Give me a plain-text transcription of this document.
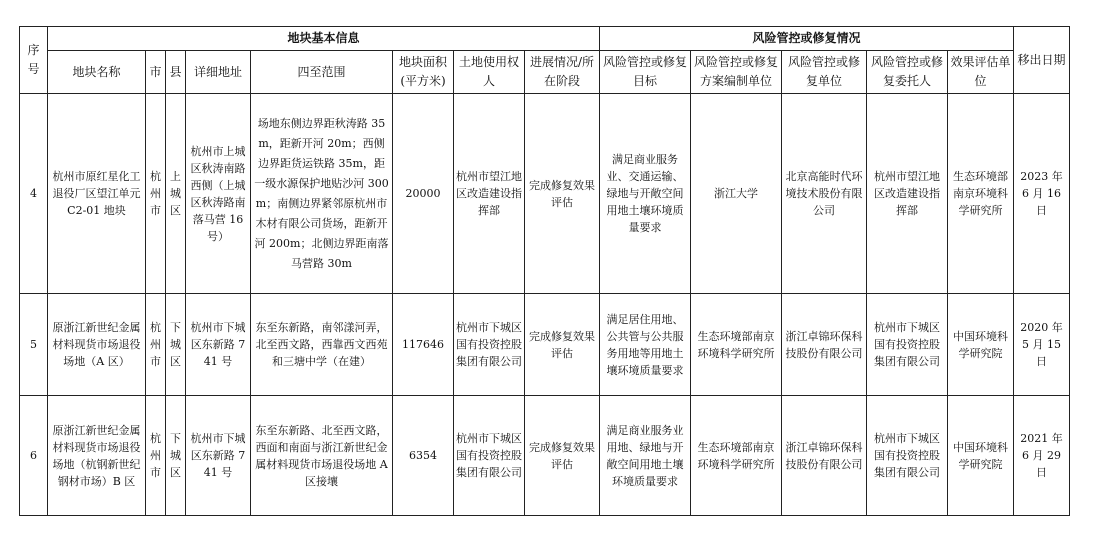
序号	地块基本信息								风险管控或修复情况					移出日期
	地块名称	市	县	详细地址	四至范围	地块面积(平方米)	土地使用权人	进展情况/所在阶段	风险管控或修复目标	风险管控或修复方案编制单位	风险管控或修复单位	风险管控或修复委托人	效果评估单位	
4	杭州市原红星化工退役厂区望江单元 C2-01 地块	杭州市	上城区	杭州市上城区秋涛南路西侧（上城区秋涛路南落马营 16 号）	场地东侧边界距秋涛路 35m，距新开河 20m；西侧边界距货运铁路 35m，距一级水源保护地贴沙河 300m；南侧边界紧邻原杭州市木材有限公司货场，距新开河 200m；北侧边界距南落马营路 30m	20000	杭州市望江地区改造建设指挥部	完成修复效果评估	满足商业服务业、交通运输、绿地与开敞空间用地土壤环境质量要求	浙江大学	北京高能时代环境技术股份有限公司	杭州市望江地区改造建设指挥部	生态环境部南京环境科学研究所	2023 年 6 月 16 日
5	原浙江新世纪金属材料现货市场退役场地（A 区）	杭州市	下城区	杭州市下城区东新路 741 号	东至东新路，南邻漾河弄，北至西文路，西靠西文西苑和三塘中学（在建）	117646	杭州市下城区国有投资控股集团有限公司	完成修复效果评估	满足居住用地、公共管与公共服务用地等用地土壤环境质量要求	生态环境部南京环境科学研究所	浙江卓锦环保科技股份有限公司	杭州市下城区国有投资控股集团有限公司	中国环境科学研究院	2020 年 5 月 15 日
6	原浙江新世纪金属材料现货市场退役场地（杭钢新世纪钢材市场）B 区	杭州市	下城区	杭州市下城区东新路 741 号	东至东新路、北至西文路，西面和南面与浙江新世纪金属材料现货市场退役场地 A 区接壤	6354	杭州市下城区国有投资控股集团有限公司	完成修复效果评估	满足商业服务业用地、绿地与开敞空间用地土壤环境质量要求	生态环境部南京环境科学研究所	浙江卓锦环保科技股份有限公司	杭州市下城区国有投资控股集团有限公司	中国环境科学研究院	2021 年 6 月 29 日
